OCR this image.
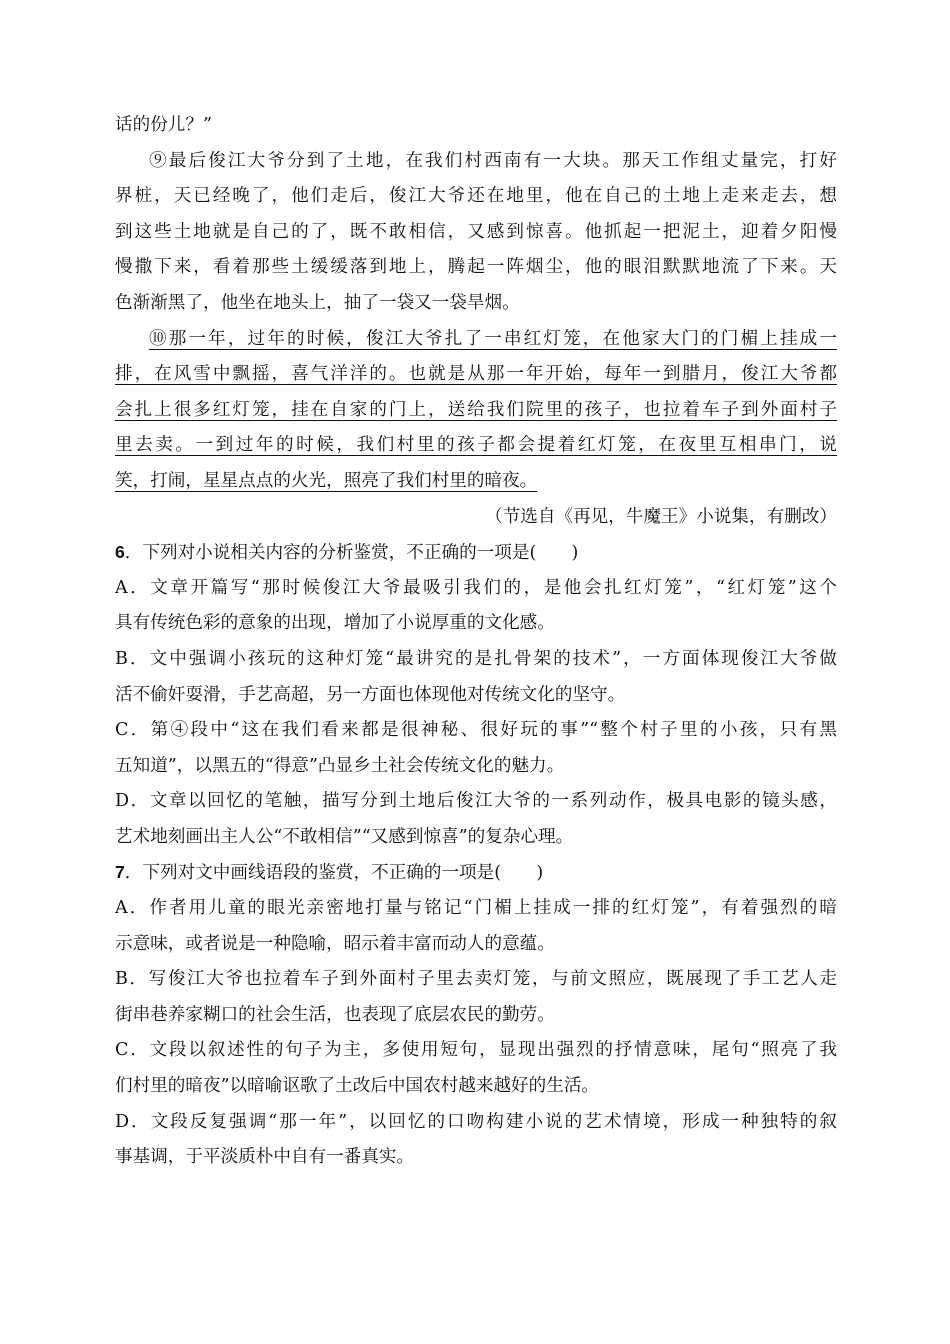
话的份儿？”
⑨最后俊江大爷分到了土地，在我们村西南有一大块。那天工作组丈量完，打好
界桩，天已经晚了，他们走后，俊江大爷还在地里，他在自己的土地上走来走去，想
到这些土地就是自己的了，既不敢相信，又感到惊喜。他抓起一把泥土，迎着夕阳慢
慢撒下来，看着那些土缓缓落到地上，腾起一阵烟尘，他的眼泪默默地流了下来。天
色渐渐黑了，他坐在地头上，抽了一袋又一袋旱烟。
⑩那一年，过年的时候，俊江大爷扎了一串红灯笼，在他家大门的门楣上挂成一
排，在风雪中飘摇，喜气洋洋的。也就是从那一年开始，每年一到腊月，俊江大爷都
会扎上很多红灯笼，挂在自家的门上，送给我们院里的孩子，也拉着车子到外面村子
里去卖。一到过年的时候，我们村里的孩子都会提着红灯笼，在夜里互相串门，说
笑，打闹，星星点点的火光，照亮了我们村里的暗夜。
（节选自《再见，牛魔王》小说集，有删改）
6．下列对小说相关内容的分析鉴赏，不正确的一项是(　　)
A．文章开篇写“那时候俊江大爷最吸引我们的，是他会扎红灯笼”，“红灯笼”这个
具有传统色彩的意象的出现，增加了小说厚重的文化感。
B．文中强调小孩玩的这种灯笼“最讲究的是扎骨架的技术”，一方面体现俊江大爷做
活不偷奸耍滑，手艺高超，另一方面也体现他对传统文化的坚守。
C．第④段中“这在我们看来都是很神秘、很好玩的事”“整个村子里的小孩，只有黑
五知道”，以黑五的“得意”凸显乡土社会传统文化的魅力。
D．文章以回忆的笔触，描写分到土地后俊江大爷的一系列动作，极具电影的镜头感，
艺术地刻画出主人公“不敢相信”“又感到惊喜”的复杂心理。
7．下列对文中画线语段的鉴赏，不正确的一项是(　　)
A．作者用儿童的眼光亲密地打量与铭记“门楣上挂成一排的红灯笼”，有着强烈的暗
示意味，或者说是一种隐喻，昭示着丰富而动人的意蕴。
B．写俊江大爷也拉着车子到外面村子里去卖灯笼，与前文照应，既展现了手工艺人走
街串巷养家糊口的社会生活，也表现了底层农民的勤劳。
C．文段以叙述性的句子为主，多使用短句，显现出强烈的抒情意味，尾句“照亮了我
们村里的暗夜”以暗喻讴歌了土改后中国农村越来越好的生活。
D．文段反复强调“那一年”，以回忆的口吻构建小说的艺术情境，形成一种独特的叙
事基调，于平淡质朴中自有一番真实。
